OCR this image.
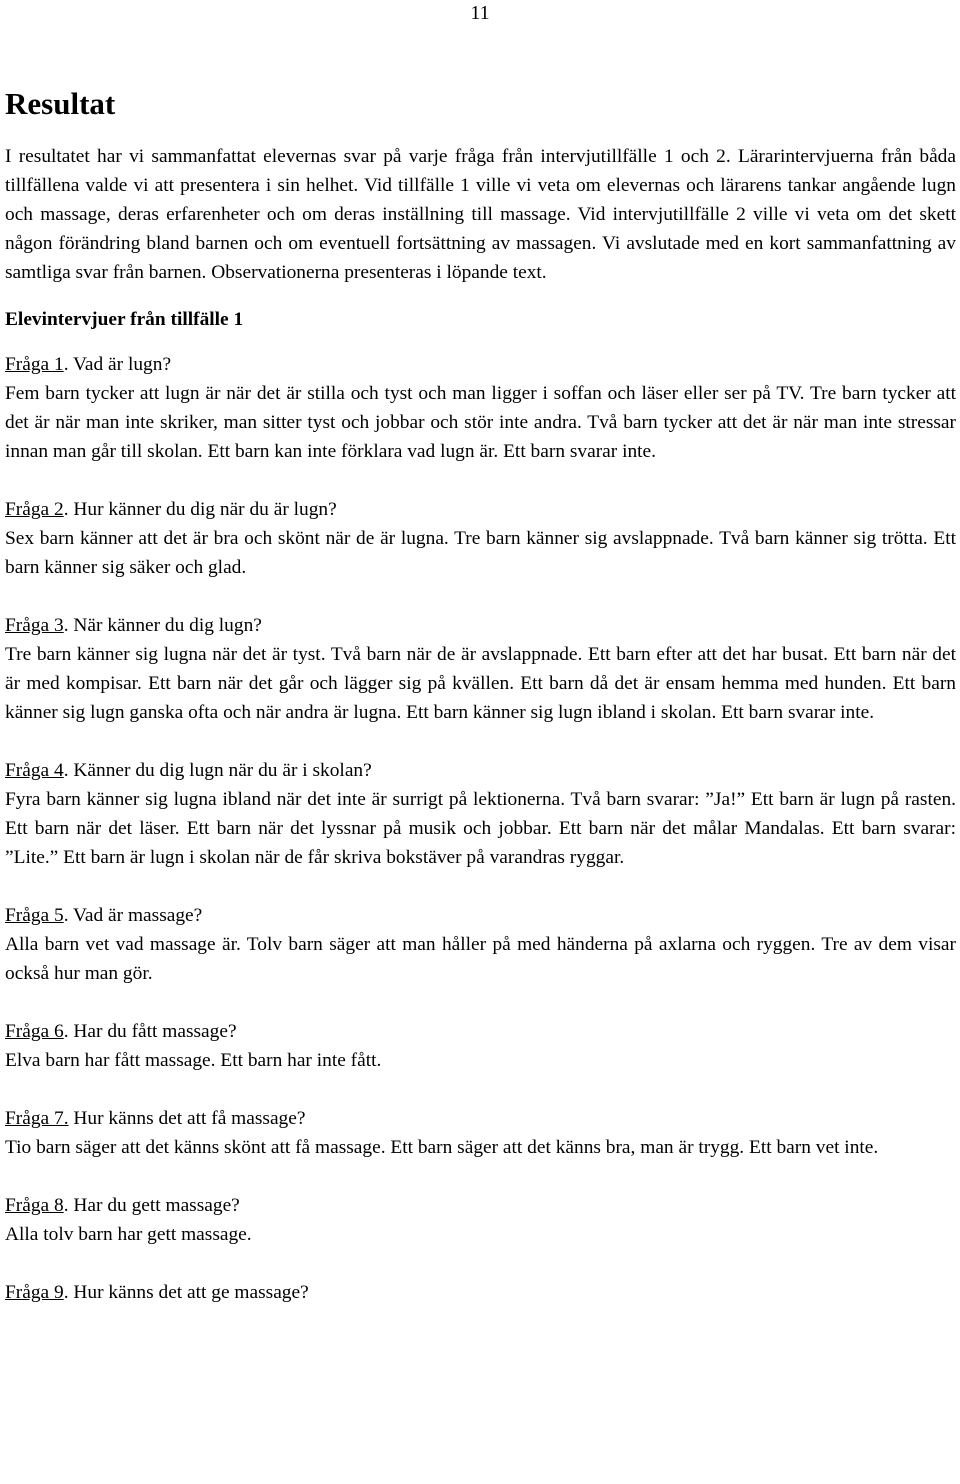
11
Resultat

I resultatet har vi sammanfattat elevernas svar på varje fråga från intervjutillfälle 1 och 2. Lärarintervjuerna från båda tillfällena valde vi att presentera i sin helhet. Vid tillfälle 1 ville vi veta om elevernas och lärarens tankar angående lugn och massage, deras erfarenheter och om deras inställning till massage. Vid intervjutillfälle 2 ville vi veta om det skett någon förändring bland barnen och om eventuell fortsättning av massagen. Vi avslutade med en kort sammanfattning av samtliga svar från barnen. Observationerna presenteras i löpande text.

Elevintervjuer från tillfälle 1

Fråga 1. Vad är lugn?

Fem barn tycker att lugn är när det är stilla och tyst och man ligger i soffan och läser eller ser på TV. Tre barn tycker att det är när man inte skriker, man sitter tyst och jobbar och stör inte andra. Två barn tycker att det är när man inte stressar innan man går till skolan. Ett barn kan inte förklara vad lugn är. Ett barn svarar inte.

Fråga 2. Hur känner du dig när du är lugn?

Sex barn känner att det är bra och skönt när de är lugna. Tre barn känner sig avslappnade. Två barn känner sig trötta. Ett barn känner sig säker och glad.

Fråga 3. När känner du dig lugn?

Tre barn känner sig lugna när det är tyst. Två barn när de är avslappnade. Ett barn efter att det har busat. Ett barn när det är med kompisar. Ett barn när det går och lägger sig på kvällen. Ett barn då det är ensam hemma med hunden. Ett barn känner sig lugn ganska ofta och när andra är lugna. Ett barn känner sig lugn ibland i skolan. Ett barn svarar inte.

Fråga 4. Känner du dig lugn när du är i skolan?

Fyra barn känner sig lugna ibland när det inte är surrigt på lektionerna. Två barn svarar: ”Ja!” Ett barn är lugn på rasten. Ett barn när det läser. Ett barn när det lyssnar på musik och jobbar. Ett barn när det målar Mandalas. Ett barn svarar: ”Lite.” Ett barn är lugn i skolan när de får skriva bokstäver på varandras ryggar.

Fråga 5. Vad är massage?

Alla barn vet vad massage är. Tolv barn säger att man håller på med händerna på axlarna och ryggen. Tre av dem visar också hur man gör.

Fråga 6. Har du fått massage?

Elva barn har fått massage. Ett barn har inte fått.

Fråga 7. Hur känns det att få massage?

Tio barn säger att det känns skönt att få massage. Ett barn säger att det känns bra, man är trygg. Ett barn vet inte.

Fråga 8. Har du gett massage?

Alla tolv barn har gett massage.

Fråga 9. Hur känns det att ge massage?
